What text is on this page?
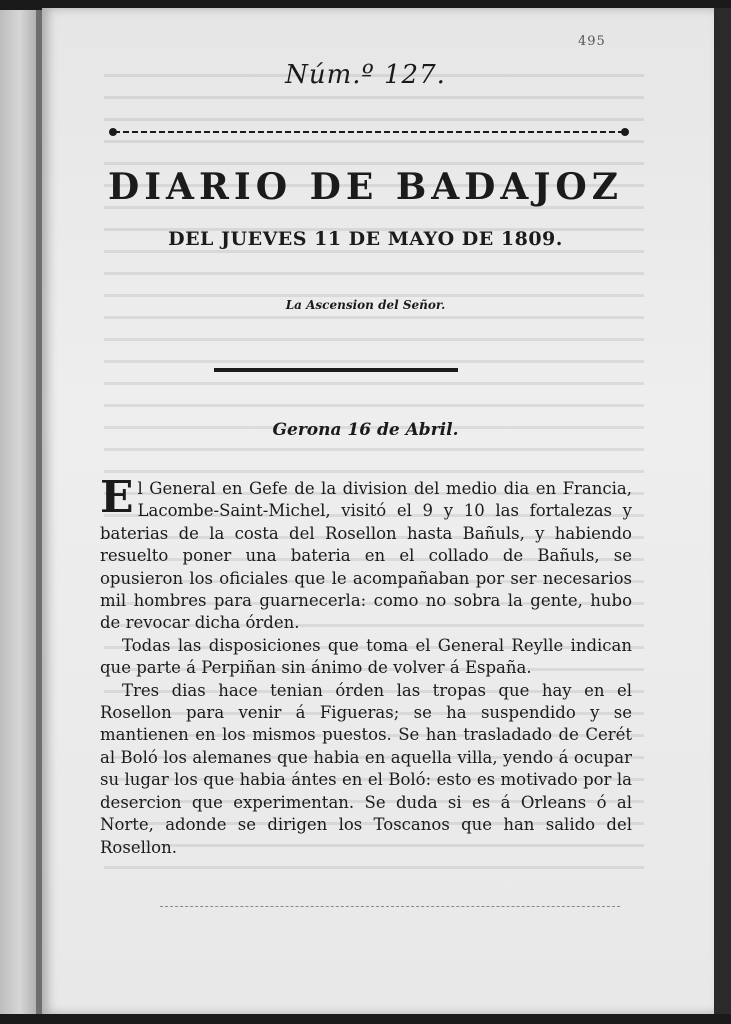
495
Núm.º 127.
DIARIO DE BADAJOZ
DEL JUEVES 11 DE MAYO DE 1809.
La Ascension del Señor.
Gerona 16 de Abril.

El General en Gefe de la division del medio dia en Francia, Lacombe-Saint-Michel, visitó el 9 y 10 las fortalezas y baterias de la costa del Rosellon hasta Bañuls, y habiendo resuelto poner una bateria en el collado de Bañuls, se opusieron los oficiales que le acompañaban por ser necesarios mil hombres para guarnecerla: como no sobra la gente, hubo de revocar dicha órden.

Todas las disposiciones que toma el General Reylle indican que parte á Perpiñan sin ánimo de volver á España.

Tres dias hace tenian órden las tropas que hay en el Rosellon para venir á Figueras; se ha suspendido y se mantienen en los mismos puestos. Se han trasladado de Cerét al Boló los alemanes que habia en aquella villa, yendo á ocupar su lugar los que habia ántes en el Boló: esto es motivado por la desercion que experimentan. Se duda si es á Orleans ó al Norte, adonde se dirigen los Toscanos que han salido del Rosellon.
